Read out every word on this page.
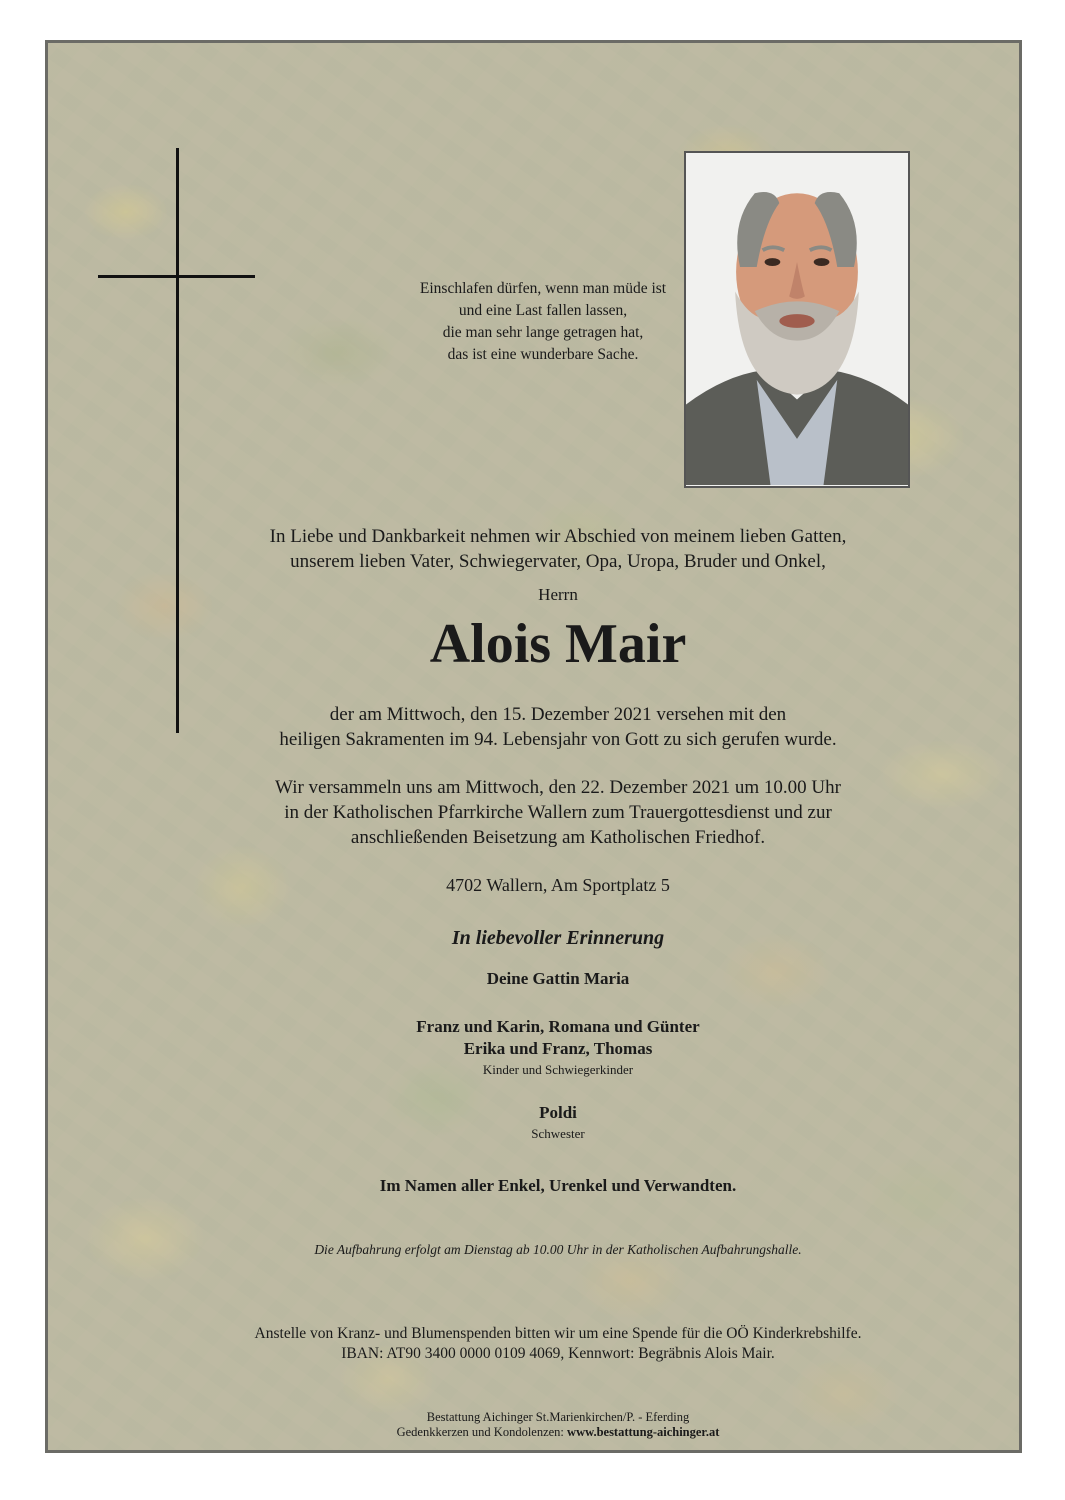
Einschlafen dürfen, wenn man müde ist
und eine Last fallen lassen,
die man sehr lange getragen hat,
das ist eine wunderbare Sache.
In Liebe und Dankbarkeit nehmen wir Abschied von meinem lieben Gatten,
unserem lieben Vater, Schwiegervater, Opa, Uropa, Bruder und Onkel,
Herrn
Alois Mair
der am Mittwoch, den 15. Dezember 2021 versehen mit den
heiligen Sakramenten im 94. Lebensjahr von Gott zu sich gerufen wurde.
Wir versammeln uns am Mittwoch, den 22. Dezember 2021 um 10.00 Uhr
in der Katholischen Pfarrkirche Wallern zum Trauergottesdienst und zur
anschließenden Beisetzung am Katholischen Friedhof.
4702 Wallern, Am Sportplatz 5
In liebevoller Erinnerung
Deine Gattin Maria
Franz und Karin, Romana und Günter
Erika und Franz, Thomas
Kinder und Schwiegerkinder
Poldi
Schwester
Im Namen aller Enkel, Urenkel und Verwandten.
Die Aufbahrung erfolgt am Dienstag ab 10.00 Uhr in der Katholischen Aufbahrungshalle.
Anstelle von Kranz- und Blumenspenden bitten wir um eine Spende für die OÖ Kinderkrebshilfe.
IBAN: AT90 3400 0000 0109 4069, Kennwort: Begräbnis Alois Mair.
Bestattung Aichinger St.Marienkirchen/P. - Eferding
Gedenkkerzen und Kondolenzen: www.bestattung-aichinger.at
